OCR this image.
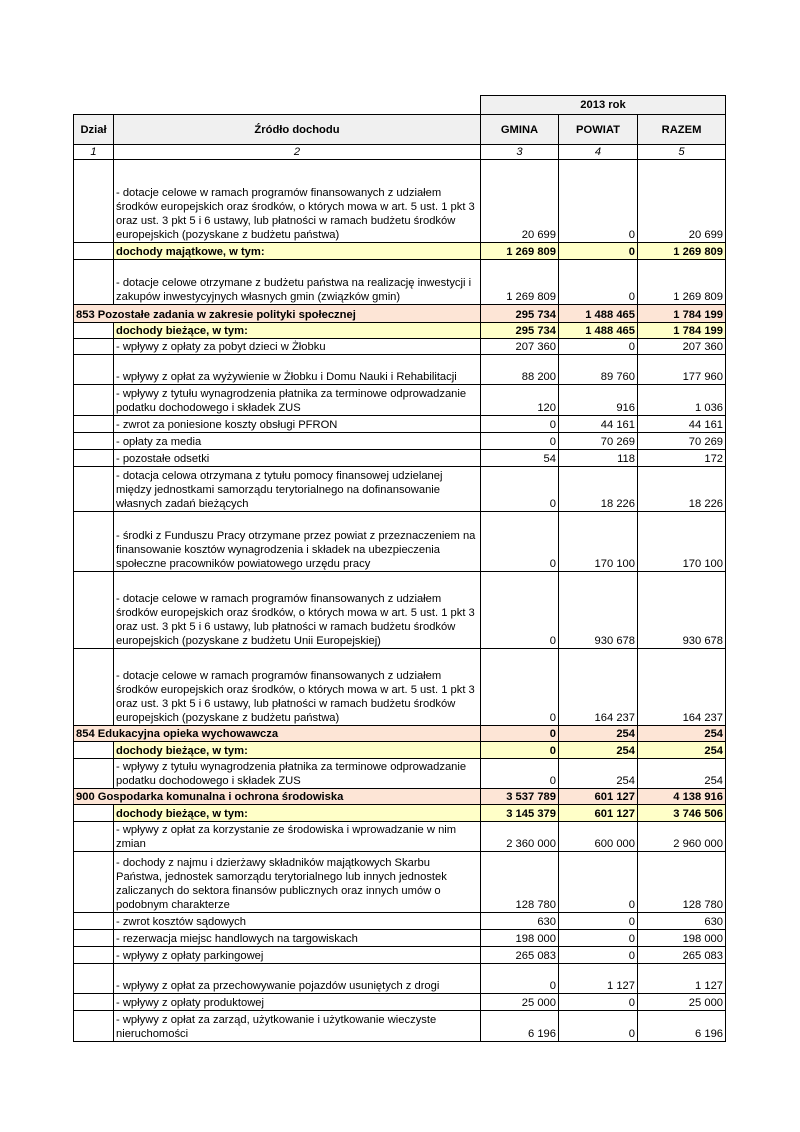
		2013 rok		
Dział	Źródło dochodu	GMINA	POWIAT	RAZEM
1	2	3	4	5
	- dotacje celowe w ramach programów finansowanych z udziałem środków europejskich oraz środków, o których mowa w art. 5 ust. 1 pkt 3 oraz ust. 3 pkt 5 i 6 ustawy, lub płatności w ramach budżetu środków europejskich (pozyskane z budżetu państwa)	20 699	0	20 699
	dochody majątkowe, w tym:	1 269 809	0	1 269 809
	- dotacje celowe otrzymane z budżetu państwa na realizację inwestycji i zakupów inwestycyjnych własnych gmin (związków gmin)	1 269 809	0	1 269 809
853 Pozostałe zadania w zakresie polityki społecznej		295 734	1 488 465	1 784 199
	dochody bieżące, w tym:	295 734	1 488 465	1 784 199
	- wpływy z opłaty za pobyt dzieci w Żłobku	207 360	0	207 360
	- wpływy z opłat za wyżywienie w Żłobku i Domu Nauki i Rehabilitacji	88 200	89 760	177 960
	- wpływy z tytułu wynagrodzenia płatnika za terminowe odprowadzanie podatku dochodowego i składek ZUS	120	916	1 036
	- zwrot za poniesione koszty obsługi PFRON	0	44 161	44 161
	- opłaty za media	0	70 269	70 269
	- pozostałe odsetki	54	118	172
	- dotacja celowa otrzymana z tytułu pomocy finansowej udzielanej między jednostkami samorządu terytorialnego na dofinansowanie własnych zadań bieżących	0	18 226	18 226
	- środki z Funduszu Pracy otrzymane przez powiat z przeznaczeniem na finansowanie kosztów wynagrodzenia i składek na ubezpieczenia społeczne pracowników powiatowego urzędu pracy	0	170 100	170 100
	- dotacje celowe w ramach programów finansowanych z udziałem środków europejskich oraz środków, o których mowa w art. 5 ust. 1 pkt 3 oraz ust. 3 pkt 5 i 6 ustawy, lub płatności w ramach budżetu środków europejskich (pozyskane z budżetu Unii Europejskiej)	0	930 678	930 678
	- dotacje celowe w ramach programów finansowanych z udziałem środków europejskich oraz środków, o których mowa w art. 5 ust. 1 pkt 3 oraz ust. 3 pkt 5 i 6 ustawy, lub płatności w ramach budżetu środków europejskich (pozyskane z budżetu państwa)	0	164 237	164 237
854 Edukacyjna opieka wychowawcza		0	254	254
	dochody bieżące, w tym:	0	254	254
	- wpływy z tytułu wynagrodzenia płatnika za terminowe odprowadzanie podatku dochodowego i składek ZUS	0	254	254
900 Gospodarka komunalna i ochrona środowiska		3 537 789	601 127	4 138 916
	dochody bieżące, w tym:	3 145 379	601 127	3 746 506
	- wpływy z opłat za korzystanie ze środowiska i wprowadzanie w nim zmian	2 360 000	600 000	2 960 000
	- dochody z najmu i dzierżawy składników majątkowych Skarbu Państwa, jednostek samorządu terytorialnego lub innych jednostek zaliczanych do sektora finansów publicznych oraz innych umów o podobnym charakterze	128 780	0	128 780
	- zwrot kosztów sądowych	630	0	630
	- rezerwacja miejsc handlowych na targowiskach	198 000	0	198 000
	- wpływy z opłaty parkingowej	265 083	0	265 083
	- wpływy z opłat za przechowywanie pojazdów usuniętych z drogi	0	1 127	1 127
	- wpływy z opłaty produktowej	25 000	0	25 000
	- wpływy z opłat za zarząd, użytkowanie i użytkowanie wieczyste nieruchomości	6 196	0	6 196
